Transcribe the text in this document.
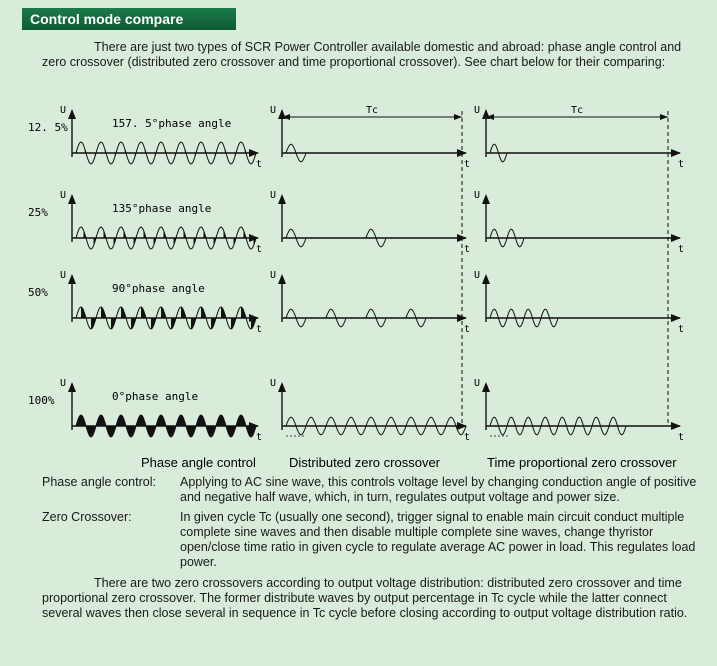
Control mode compare

There are just two types of SCR Power Controller available domestic and abroad: phase angle control and zero crossover (distributed zero crossover and time proportional crossover). See chart below for their comparing:

12. 5%
U
t
157. 5°phase angle
U
t
U
t
25%
U
t
135°phase angle
U
t
U
t
50%
U
t
90°phase angle
U
t
U
t
100%
U
t
0°phase angle
U
t
U
t
Tc	Tc
Phase angle control	Distributed zero crossover	Time proportional zero crossover
Phase angle control: Applying to AC sine wave, this controls voltage level by changing conduction angle of positive and negative half wave, which, in turn, regulates output voltage and power size.
Zero Crossover:	In given cycle Tc (usually one second), trigger signal to enable main circuit conduct multiple complete sine waves and then disable multiple complete sine waves, change thyristor open/close time ratio in given cycle to regulate average AC power in load. This regulates load power.

There are two zero crossovers according to output voltage distribution: distributed zero crossover and time proportional zero crossover. The former distribute waves by output percentage in Tc cycle while the latter connect several waves then close several in sequence in Tc cycle before closing according to output voltage distribution ratio.
